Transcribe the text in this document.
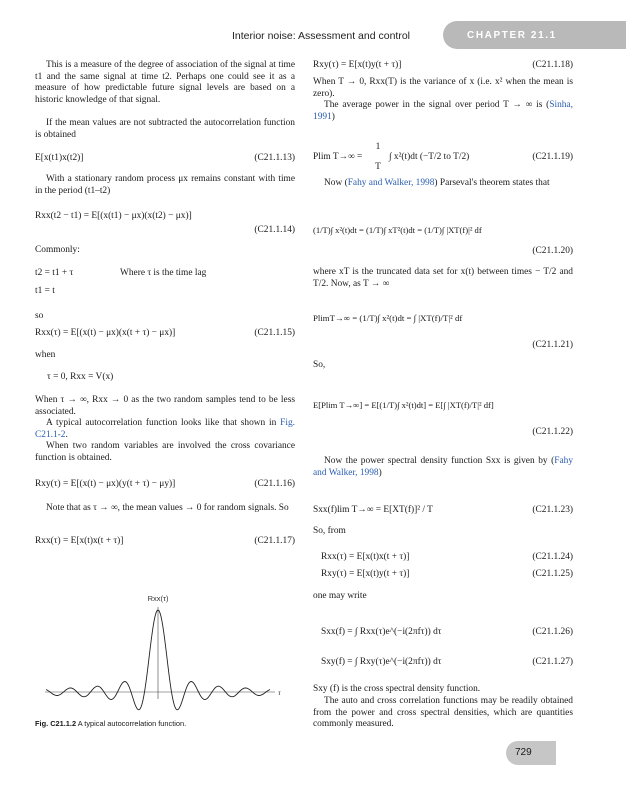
Interior noise: Assessment and control	CHAPTER 21.1

This is a measure of the degree of association of the signal at time t1 and the same signal at time t2. Perhaps one could see it as a measure of how predictable future signal levels are based on a historic knowledge of that signal.

If the mean values are not subtracted the autocorrelation function is obtained

E[x(t1)x(t2)]	(C21.1.13)

With a stationary random process μx remains constant with time in the period (t1–t2)

Rxx(t2 − t1) = E[(x(t1) − μx)(x(t2) − μx)]
(C21.1.14)
Commonly:
t2 = t1 + τ	Where τ is the time lag
t1 = t
so
Rxx(τ) = E[(x(t) − μx)(x(t + τ) − μx)]	(C21.1.15)
when
τ = 0, Rxx = V(x)

When τ → ∞, Rxx → 0 as the two random samples tend to be less associated.

A typical autocorrelation function looks like that shown in Fig. C21.1-2.

When two random variables are involved the cross covariance function is obtained.

Rxy(τ) = E[(x(t) − μx)(y(t + τ) − μy)]	(C21.1.16)

Note that as τ → ∞, the mean values → 0 for random signals. So

Rxx(τ) = E[x(t)x(t + τ)]	(C21.1.17)
Rxx(τ)
τ
Fig. C21.1.2 A typical autocorrelation function.
Rxy(τ) = E[x(t)y(t + τ)]	(C21.1.18)

When T → 0, Rxx(T) is the variance of x (i.e. x² when the mean is zero).

The average power in the signal over period T → ∞ is (Sinha, 1991)

Plim T→∞ =
1
T
∫ x²(t)dt (−T/2 to T/2)	(C21.1.19)

Now (Fahy and Walker, 1998) Parseval's theorem states that

(1/T)∫ x²(t)dt = (1/T)∫ xT²(t)dt = (1/T)∫ |XT(f)|² df
(C21.1.20)

where xT is the truncated data set for x(t) between times − T/2 and T/2. Now, as T → ∞

PlimT→∞ = (1/T)∫ x²(t)dt = ∫ |XT(f)/T|² df
(C21.1.21)
So,
E[Plim T→∞] = E[(1/T)∫ x²(t)dt] = E[∫ |XT(f)/T|² df]
(C21.1.22)

Now the power spectral density function Sxx is given by (Fahy and Walker, 1998)

Sxx(f)lim T→∞ = E[XT(f)]² / T	(C21.1.23)
So, from
Rxx(τ) = E[x(t)x(t + τ)]	(C21.1.24)
Rxy(τ) = E[x(t)y(t + τ)]	(C21.1.25)
one may write
Sxx(f) = ∫ Rxx(τ)e^(−i(2πfτ)) dτ	(C21.1.26)
Sxy(f) = ∫ Rxy(τ)e^(−i(2πfτ)) dτ	(C21.1.27)

Sxy (f) is the cross spectral density function.

The auto and cross correlation functions may be readily obtained from the power and cross spectral densities, which are quantities commonly measured.

729
